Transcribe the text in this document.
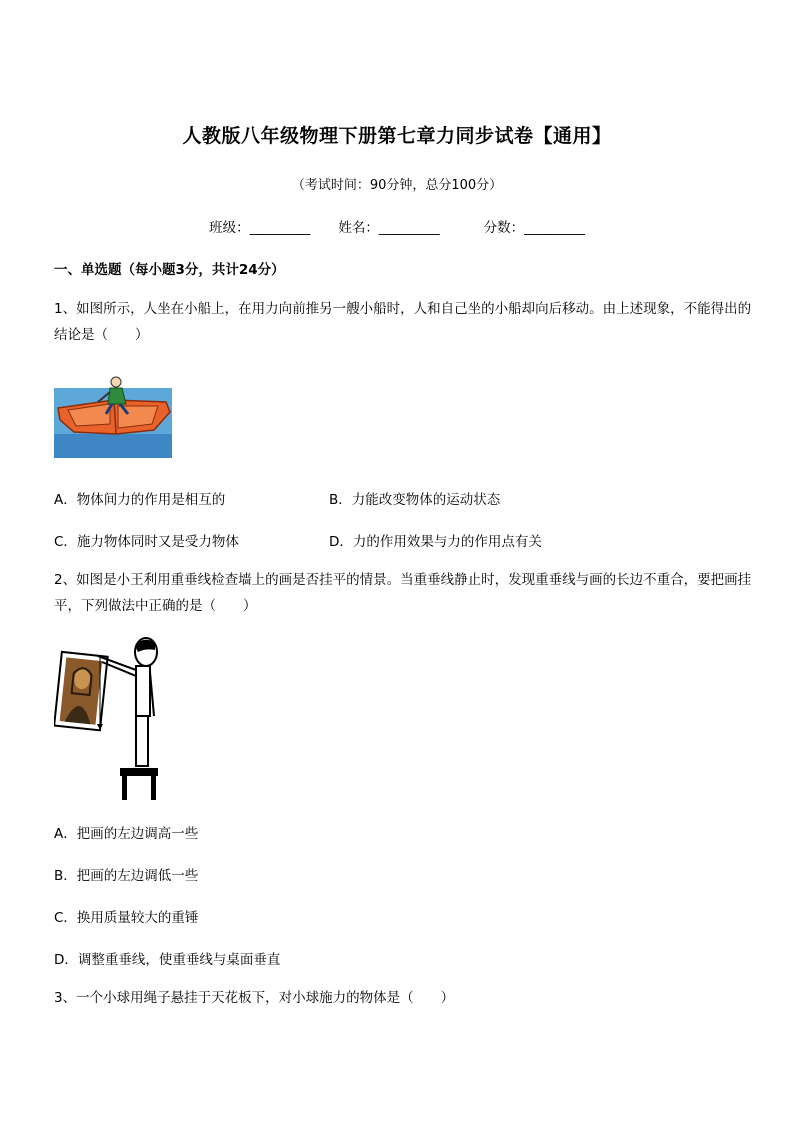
人教版八年级物理下册第七章力同步试卷【通用】
（考试时间：90分钟，总分100分）
班级：_________ 姓名：_________	分数：_________
一、单选题（每小题3分，共计24分）
1、如图所示，人坐在小船上，在用力向前推另一艘小船时，人和自己坐的小船却向后移动。由上述现象，不能得出的结论是（　　）
A．物体间力的作用是相互的	B．力能改变物体的运动状态
C．施力物体同时又是受力物体	D．力的作用效果与力的作用点有关
2、如图是小王利用重垂线检查墙上的画是否挂平的情景。当重垂线静止时，发现重垂线与画的长边不重合，要把画挂平，下列做法中正确的是（　　）
A．把画的左边调高一些
B．把画的左边调低一些
C．换用质量较大的重锤
D．调整重垂线，使重垂线与桌面垂直
3、一个小球用绳子悬挂于天花板下，对小球施力的物体是（　　）
